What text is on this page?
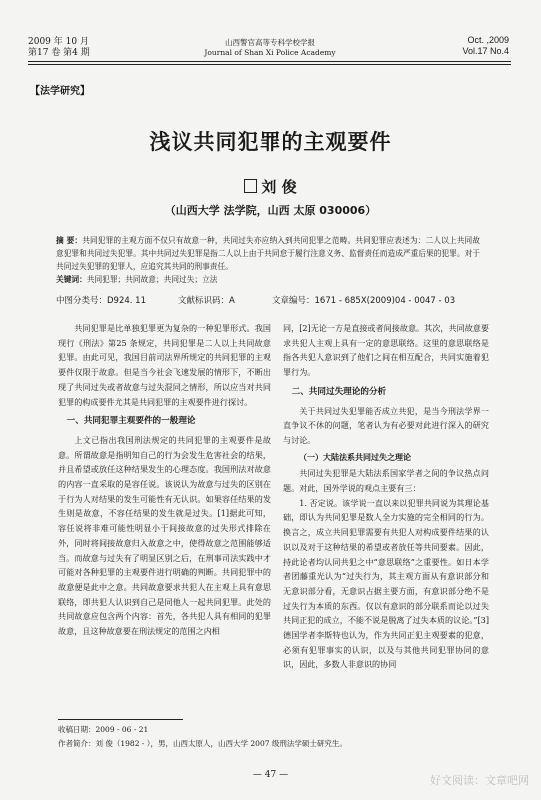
2009 年 10 月
第17 卷 第4 期
山西警官高等专科学校学报
Journal of Shan Xi Police Academy
Oct. ,2009
Vol.17 No.4
【法学研究】
浅议共同犯罪的主观要件
刘 俊
（山西大学 法学院，山西 太原 030006）
摘 要：共同犯罪的主观方面不仅只有故意一种，共同过失亦应纳入到共同犯罪之范畴。共同犯罪应表述为：二人以上共同故意犯罪和共同过失犯罪。其中共同过失犯罪是指二人以上由于共同怠于履行注意义务、监督责任而造成严重后果的犯罪。对于共同过失犯罪的犯罪人，应追究其共同的刑事责任。
关键词：共同犯罪；共同故意；共同过失；立法
中图分类号：D924. 11	文献标识码：A	文章编号：1671 - 685X(2009)04 - 0047 - 03

共同犯罪是比单独犯罪更为复杂的一种犯罪形式。我国现行《刑法》第25 条规定，共同犯罪是二人以上共同故意犯罪。由此可见，我国目前司法界所规定的共同犯罪的主观要件仅限于故意。但是当今社会飞速发展的情形下，不断出现了共同过失或者故意与过失混同之情形，所以应当对共同犯罪的构成要件尤其是共同犯罪的主观要件进行探讨。

一、共同犯罪主观要件的一般理论

上文已指出我国刑法规定的共同犯罪的主观要件是故意。所谓故意是指明知自己的行为会发生危害社会的结果，并且希望或放任这种结果发生的心理态度。我国刑法对故意的内容一直采取的是容任说。该说认为故意与过失的区别在于行为人对结果的发生可能性有无认识。如果容任结果的发生则是故意，不容任结果的发生就是过失。[1]据此可知，容任说将非难可能性明显小于间接故意的过失形式排除在外，同时将间接故意归入故意之中，使得故意之范围能够适当。而故意与过失有了明显区别之后，在刑事司法实践中才可能对各种犯罪的主观要件进行明确的判断。共同犯罪中的故意便是此中之意。共同故意要求共犯人在主观上具有意思联络，即共犯人认识到自己是同他人一起共同犯罪。此处的共同故意应包含两个内容：首先，各共犯人具有相同的犯罪故意，且这种故意要在刑法规定的范围之内相

同，[2]无论一方是直接或者间接故意。其次，共同故意要求共犯人主观上具有一定的意思联络。这里的意思联络是指各共犯人意识到了他们之间在相互配合，共同实施着犯罪行为。

二、共同过失理论的分析

关于共同过失犯罪能否成立共犯，是当今刑法学界一直争议不休的问题，笔者认为有必要对此进行深入的研究与讨论。

（一）大陆法系共同过失之理论

共同过失犯罪是大陆法系国家学者之间的争议热点问题。对此，国外学说的观点主要有三：

1. 否定说。该学说一直以来以犯罪共同说为其理论基础，即认为共同犯罪是数人全力实施的完全相同的行为。换言之，成立共同犯罪需要有共犯人对构成要件结果的认识以及对于这种结果的希望或者放任等共同要素。因此，持此论者均认同共犯之中“意思联络”之重要性。如日本学者团藤重光认为“过失行为，其主观方面从有意识部分和无意识部分看，无意识占据主要方面，有意识部分绝不是过失行为本质的东西。仅以有意识的部分联系而论以过失共同正犯的成立，不能不说是脱离了过失本质的议论。”[3]德国学者李斯特也认为，作为共同正犯主观要素的犯意，必须有犯罪事实的认识，以及与其他共同犯罪协同的意识，因此，多数人非意识的协同

收稿日期：2009 - 06 - 21
作者简介：刘 俊（1982 - ），男，山西太原人，山西大学 2007 级刑法学硕士研究生。
— 47 —	好文阅读：文章吧网
